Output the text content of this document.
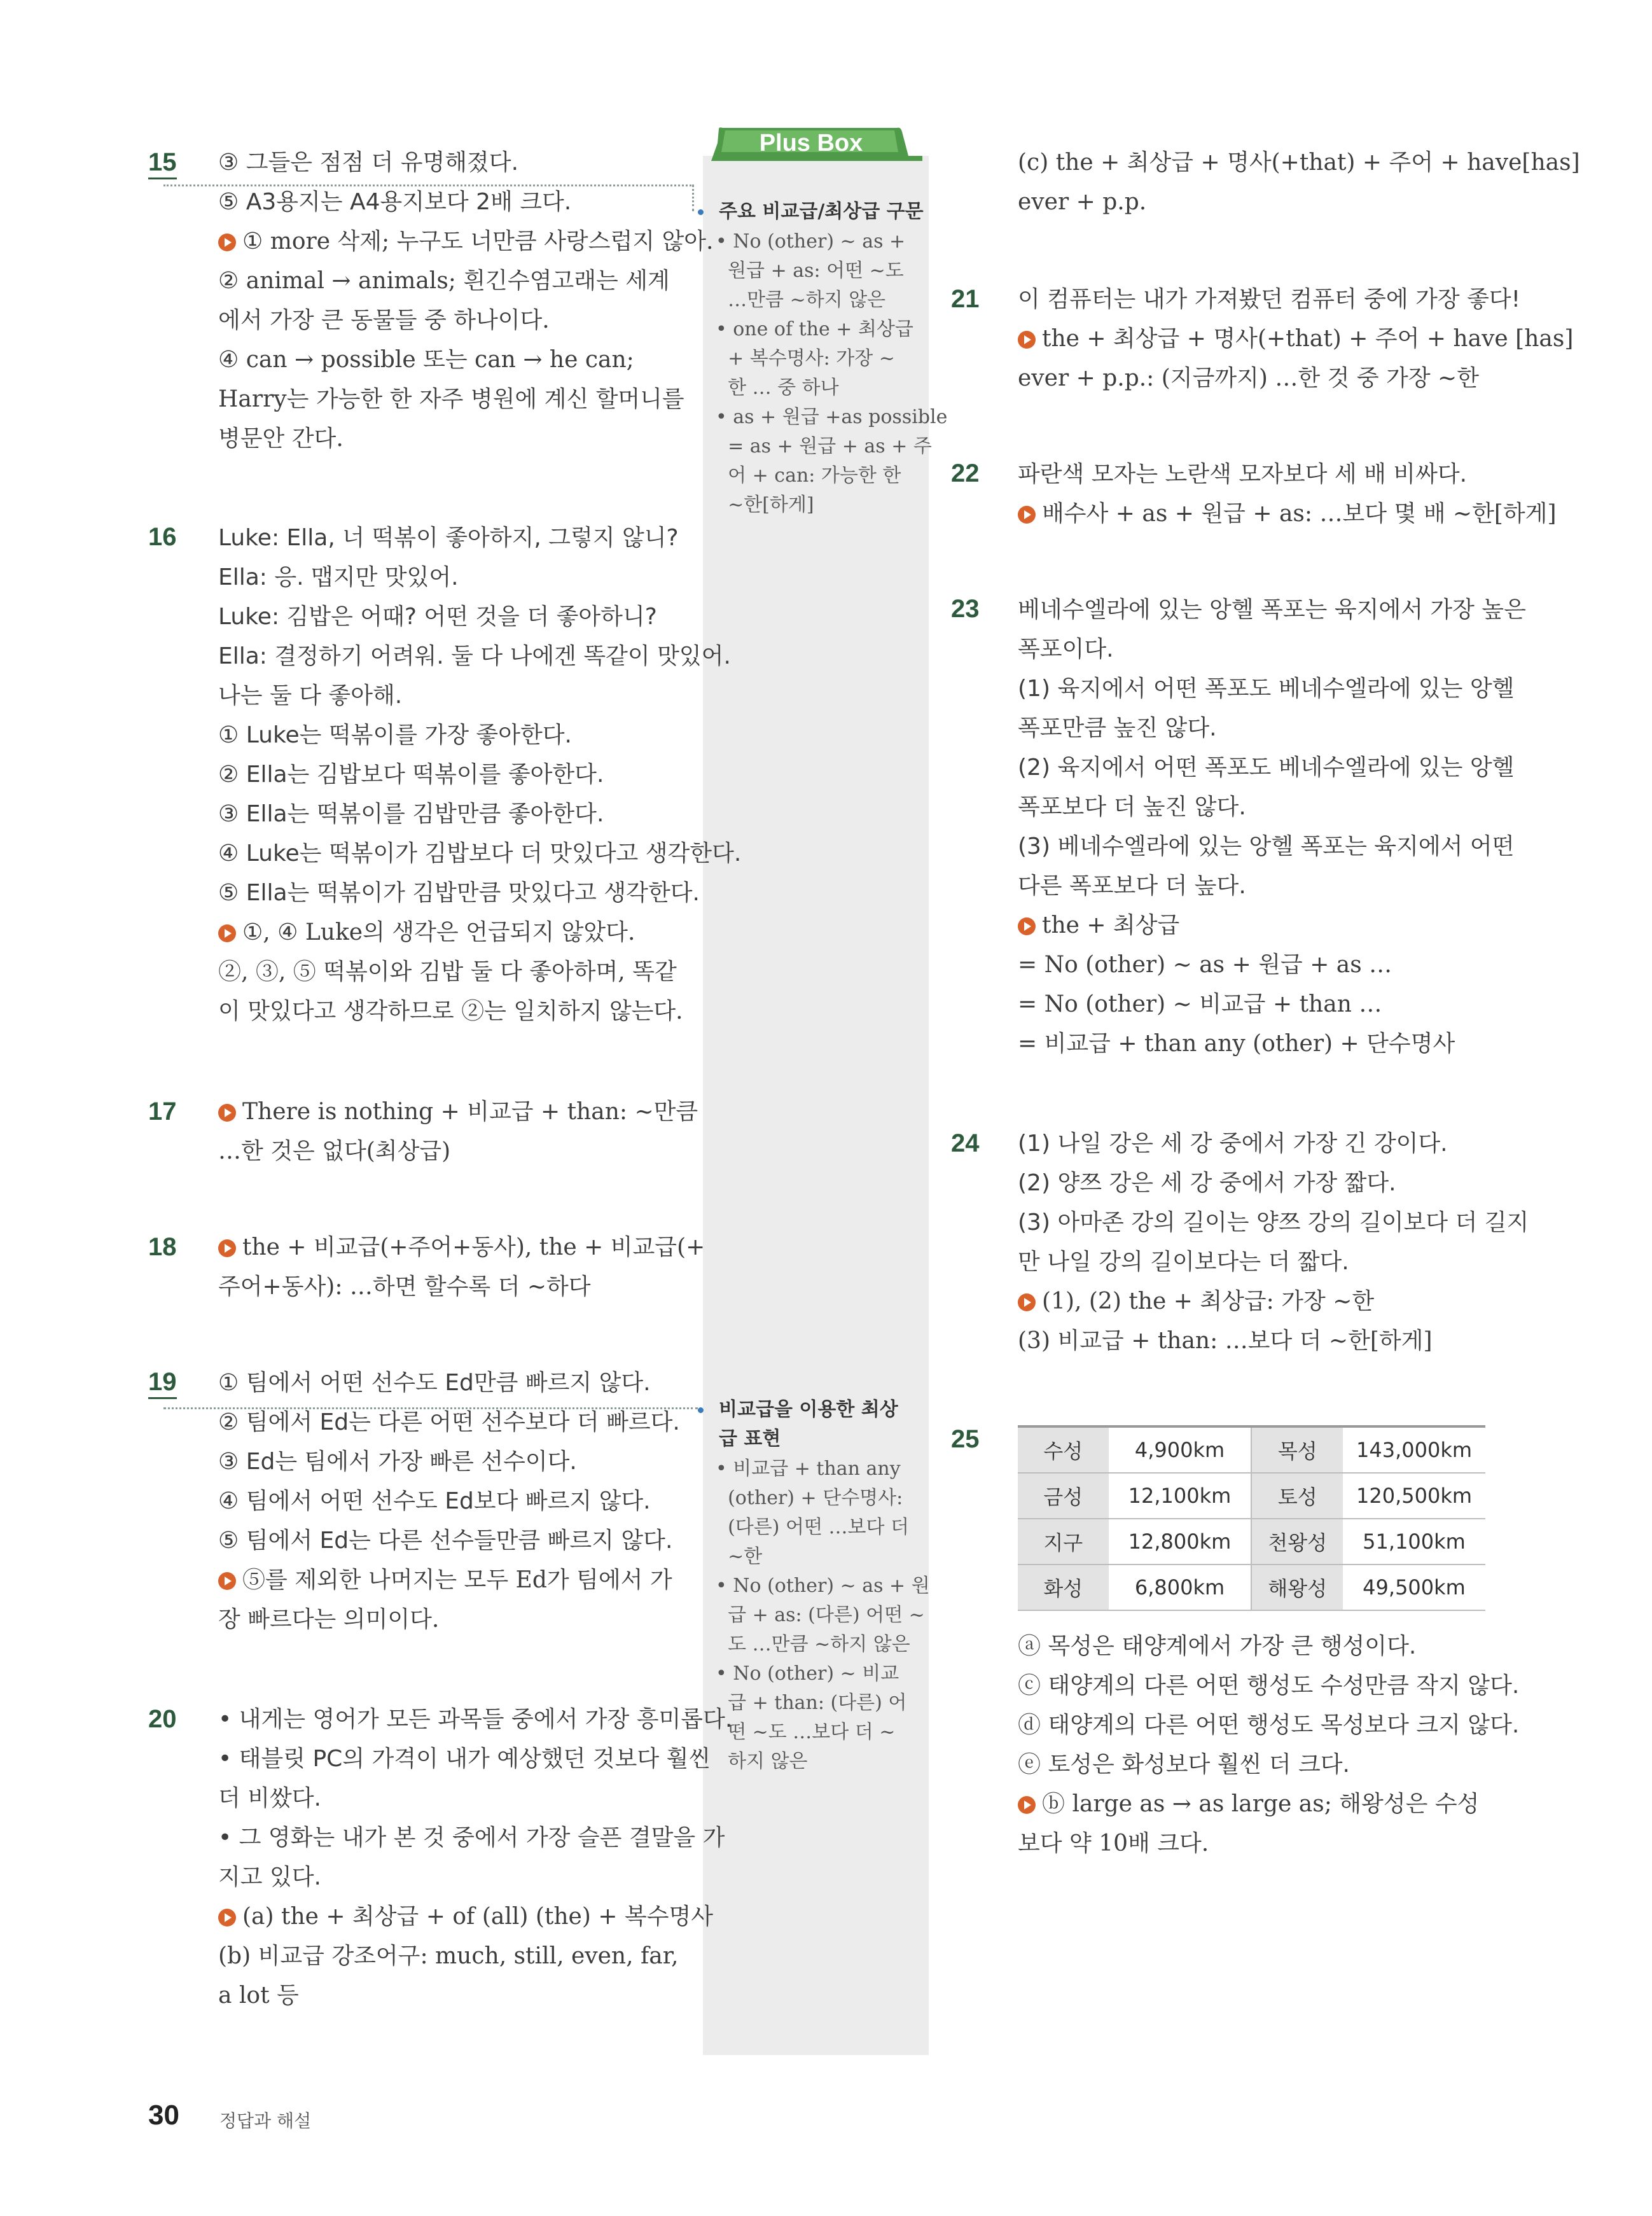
Plus Box
주요 비교급/최상급 구문
• No (other) ~ as +
원급 + as: 어떤 ~도
…만큼 ~하지 않은
• one of the + 최상급
+ 복수명사: 가장 ~
한 … 중 하나
• as + 원급 +as possible
= as + 원급 + as + 주
어 + can: 가능한 한
~한[하게]
비교급을 이용한 최상
급 표현
• 비교급 + than any
(other) + 단수명사:
(다른) 어떤 …보다 더
~한
• No (other) ~ as + 원
급 + as: (다른) 어떤 ~
도 …만큼 ~하지 않은
• No (other) ~ 비교
급 + than: (다른) 어
떤 ~도 …보다 더 ~
하지 않은
15 ③ 그들은 점점 더 유명해졌다.
⑤ A3용지는 A4용지보다 2배 크다.
① more 삭제; 누구도 너만큼 사랑스럽지 않아.
② animal → animals; 흰긴수염고래는 세계
에서 가장 큰 동물들 중 하나이다.
④ can → possible 또는 can → he can;
Harry는 가능한 한 자주 병원에 계신 할머니를
병문안 간다.
16 Luke: Ella, 너 떡볶이 좋아하지, 그렇지 않니?
Ella: 응. 맵지만 맛있어.
Luke: 김밥은 어때? 어떤 것을 더 좋아하니?
Ella: 결정하기 어려워. 둘 다 나에겐 똑같이 맛있어.
나는 둘 다 좋아해.
① Luke는 떡볶이를 가장 좋아한다.
② Ella는 김밥보다 떡볶이를 좋아한다.
③ Ella는 떡볶이를 김밥만큼 좋아한다.
④ Luke는 떡볶이가 김밥보다 더 맛있다고 생각한다.
⑤ Ella는 떡볶이가 김밥만큼 맛있다고 생각한다.
①, ④ Luke의 생각은 언급되지 않았다.
②, ③, ⑤ 떡볶이와 김밥 둘 다 좋아하며, 똑같
이 맛있다고 생각하므로 ②는 일치하지 않는다.
17	There is nothing + 비교급 + than: ~만큼
…한 것은 없다(최상급)
18	the + 비교급(+주어+동사), the + 비교급(+
주어+동사): …하면 할수록 더 ~하다
19 ① 팀에서 어떤 선수도 Ed만큼 빠르지 않다.
② 팀에서 Ed는 다른 어떤 선수보다 더 빠르다.
③ Ed는 팀에서 가장 빠른 선수이다.
④ 팀에서 어떤 선수도 Ed보다 빠르지 않다.
⑤ 팀에서 Ed는 다른 선수들만큼 빠르지 않다.
⑤를 제외한 나머지는 모두 Ed가 팀에서 가
장 빠르다는 의미이다.
20 • 내게는 영어가 모든 과목들 중에서 가장 흥미롭다.
• 태블릿 PC의 가격이 내가 예상했던 것보다 훨씬
더 비쌌다.
• 그 영화는 내가 본 것 중에서 가장 슬픈 결말을 가
지고 있다.
(a) the + 최상급 + of (all) (the) + 복수명사
(b) 비교급 강조어구: much, still, even, far,
a lot 등
(c) the + 최상급 + 명사(+that) + 주어 + have[has]
ever + p.p.
21 이 컴퓨터는 내가 가져봤던 컴퓨터 중에 가장 좋다!
the + 최상급 + 명사(+that) + 주어 + have [has]
ever + p.p.: (지금까지) …한 것 중 가장 ~한
22 파란색 모자는 노란색 모자보다 세 배 비싸다.
배수사 + as + 원급 + as: …보다 몇 배 ~한[하게]
23 베네수엘라에 있는 앙헬 폭포는 육지에서 가장 높은
폭포이다.
(1) 육지에서 어떤 폭포도 베네수엘라에 있는 앙헬
폭포만큼 높진 않다.
(2) 육지에서 어떤 폭포도 베네수엘라에 있는 앙헬
폭포보다 더 높진 않다.
(3) 베네수엘라에 있는 앙헬 폭포는 육지에서 어떤
다른 폭포보다 더 높다.
the + 최상급
= No (other) ~ as + 원급 + as …
= No (other) ~ 비교급 + than …
= 비교급 + than any (other) + 단수명사
24 (1) 나일 강은 세 강 중에서 가장 긴 강이다.
(2) 양쯔 강은 세 강 중에서 가장 짧다.
(3) 아마존 강의 길이는 양쯔 강의 길이보다 더 길지
만 나일 강의 길이보다는 더 짧다.
(1), (2) the + 최상급: 가장 ~한
(3) 비교급 + than: …보다 더 ~한[하게]
25	수성	4,900km	목성	143,000km
금성	12,100km	토성	120,500km
지구	12,800km	천왕성	51,100km
화성	6,800km	해왕성	49,500km
ⓐ 목성은 태양계에서 가장 큰 행성이다.
ⓒ 태양계의 다른 어떤 행성도 수성만큼 작지 않다.
ⓓ 태양계의 다른 어떤 행성도 목성보다 크지 않다.
ⓔ 토성은 화성보다 훨씬 더 크다.
ⓑ large as → as large as; 해왕성은 수성
보다 약 10배 크다.
30 정답과 해설
